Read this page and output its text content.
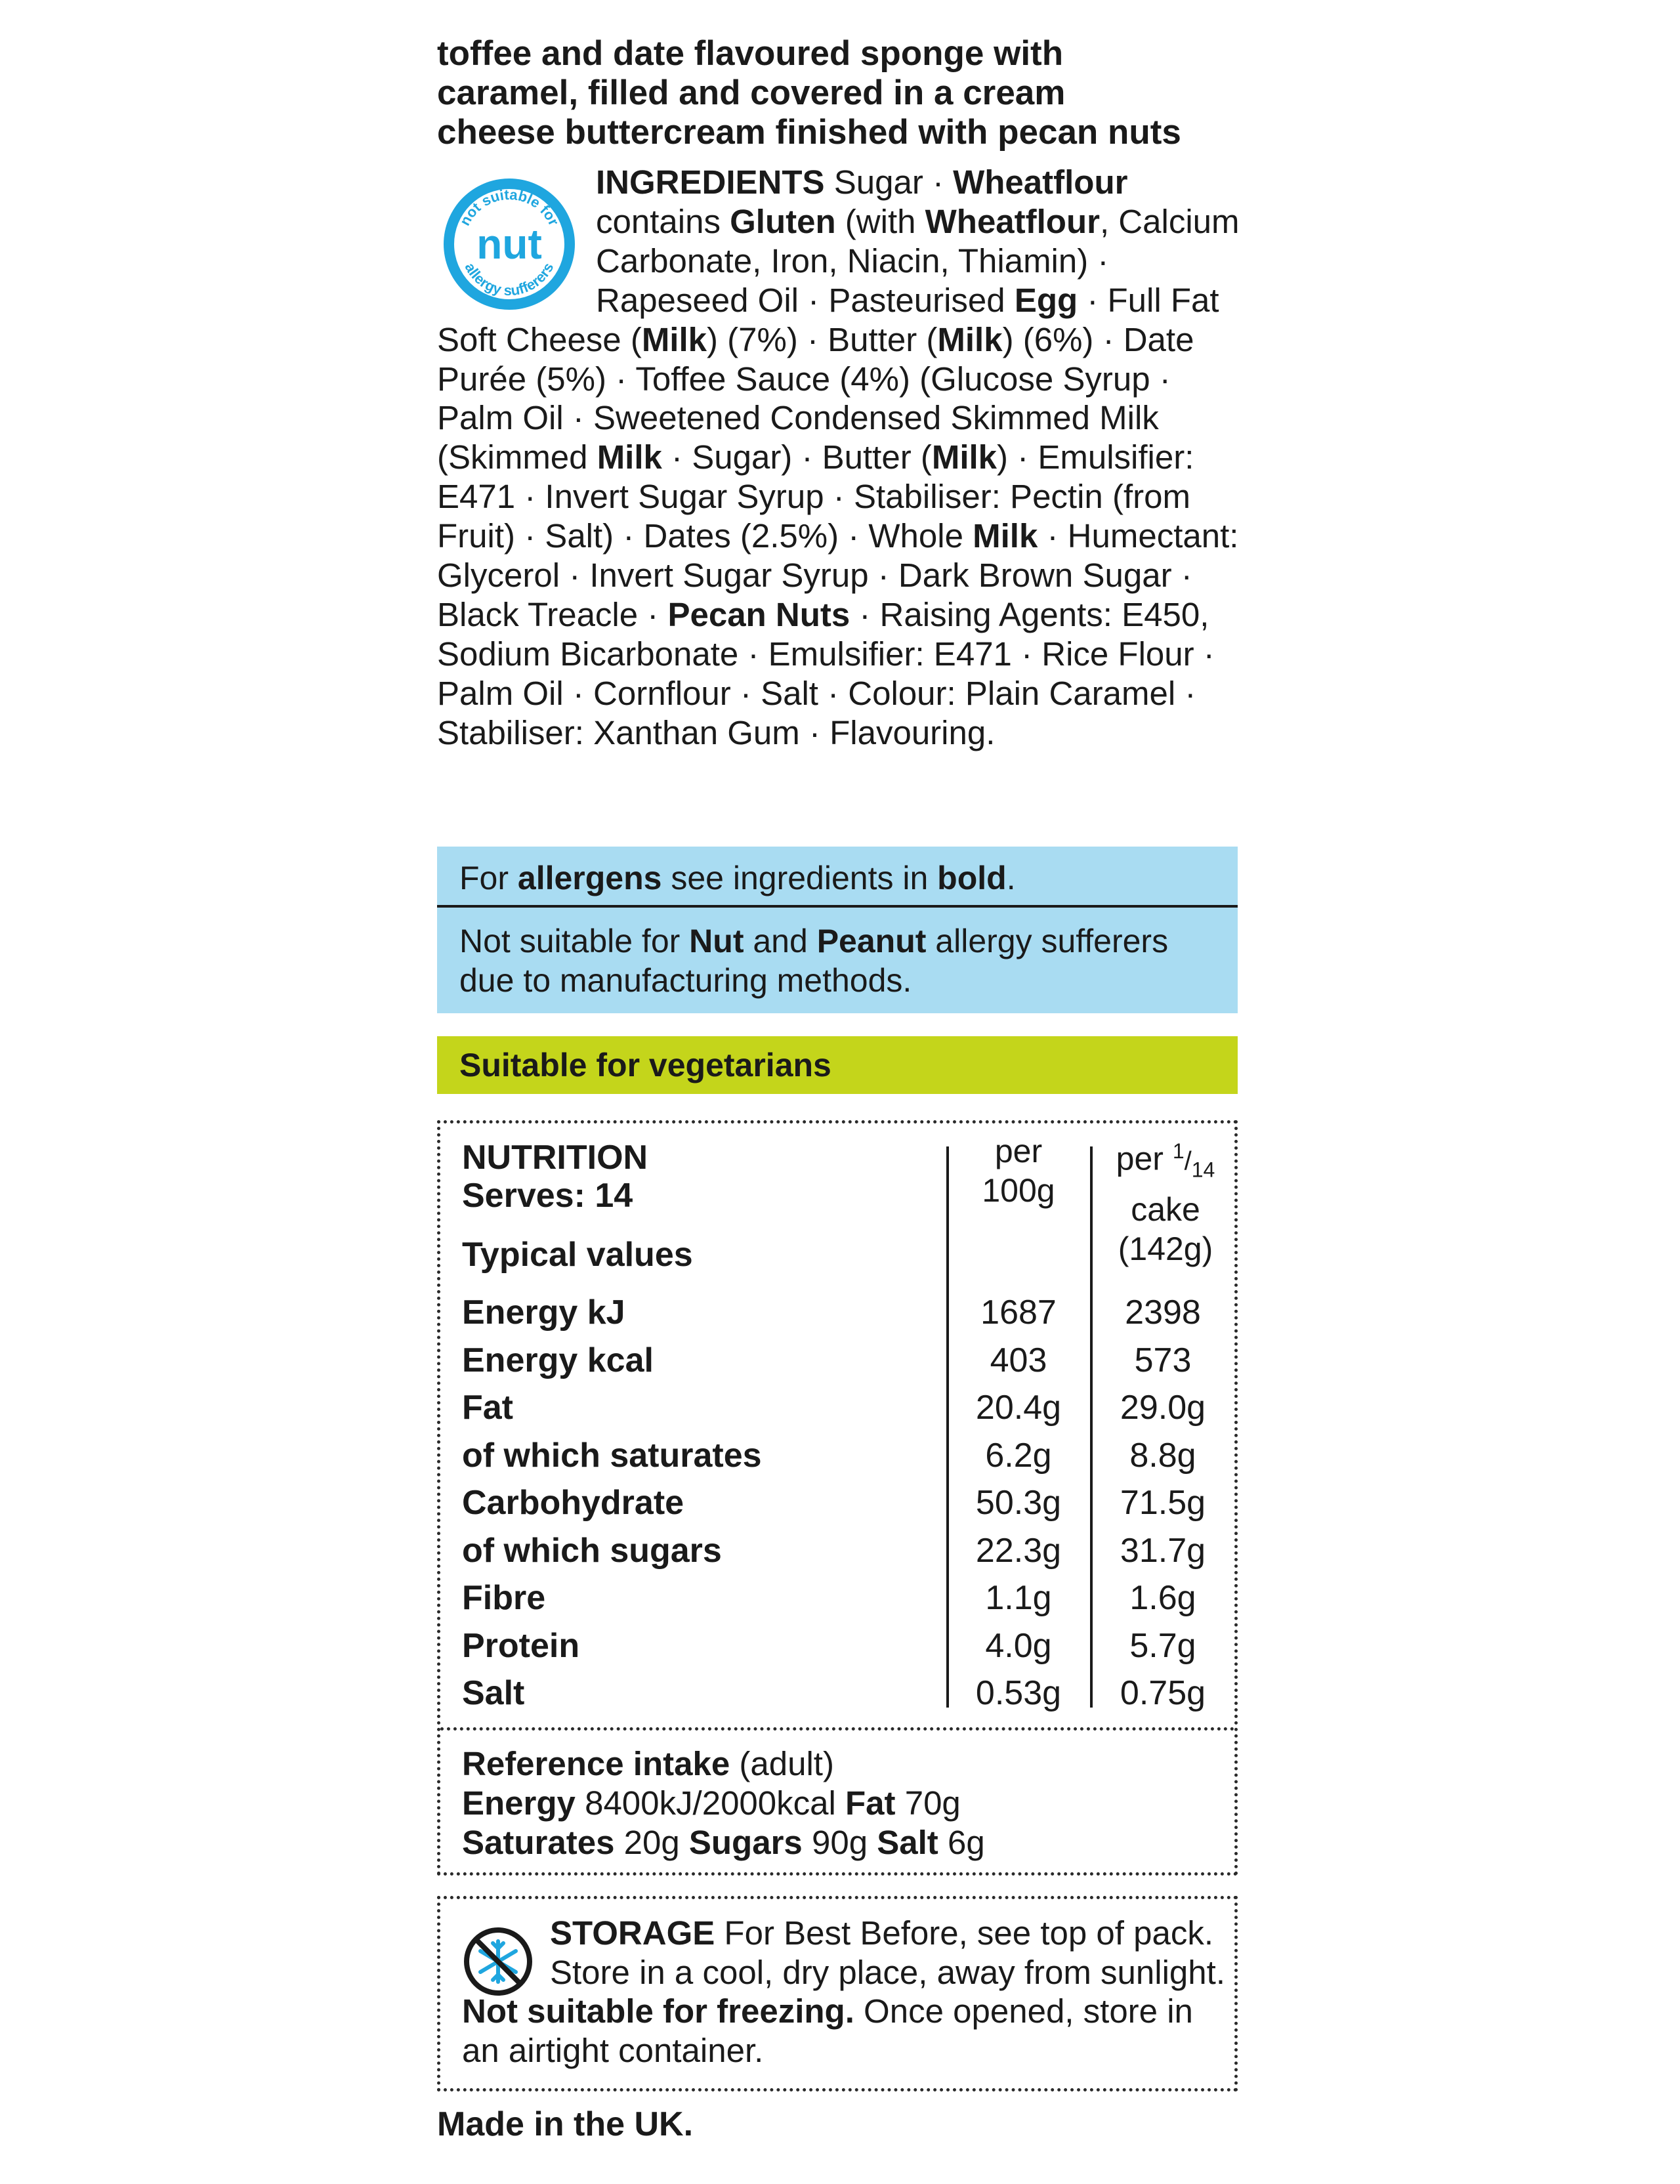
toffee and date flavoured sponge with
caramel, filled and covered in a cream
cheese buttercream finished with pecan nuts
not suitable for
nut
allergy sufferers
INGREDIENTS Sugar · Wheatflour contains Gluten (with Wheatflour, Calcium Carbonate, Iron, Niacin, Thiamin) · Rapeseed Oil · Pasteurised Egg · Full Fat Soft Cheese (Milk) (7%) · Butter (Milk) (6%) · Date Purée (5%) · Toffee Sauce (4%) (Glucose Syrup · Palm Oil · Sweetened Condensed Skimmed Milk (Skimmed Milk · Sugar) · Butter (Milk) · Emulsifier: E471 · Invert Sugar Syrup · Stabiliser: Pectin (from Fruit) · Salt) · Dates (2.5%) · Whole Milk · Humectant: Glycerol · Invert Sugar Syrup · Dark Brown Sugar · Black Treacle · Pecan Nuts · Raising Agents: E450, Sodium Bicarbonate · Emulsifier: E471 · Rice Flour · Palm Oil · Cornflour · Salt · Colour: Plain Caramel · Stabiliser: Xanthan Gum · Flavouring.
For allergens see ingredients in bold.
Not suitable for Nut and Peanut allergy sufferers due to manufacturing methods.
Suitable for vegetarians
NUTRITION
Serves: 14
Typical values
per
100g
per $^1/_{14}$
cake
(142g)
Energy kJ	1687	2398
Energy kcal	403	573
Fat	20.4g	29.0g
of which saturates	6.2g	8.8g
Carbohydrate	50.3g	71.5g
of which sugars	22.3g	31.7g
Fibre	1.1g	1.6g
Protein	4.0g	5.7g
Salt	0.53g	0.75g
Reference intake (adult)
Energy 8400kJ/2000kcal Fat 70g
Saturates 20g Sugars 90g Salt 6g
STORAGE For Best Before, see top of pack. Store in a cool, dry place, away from sunlight. Not suitable for freezing. Once opened, store in an airtight container.
Made in the UK.
